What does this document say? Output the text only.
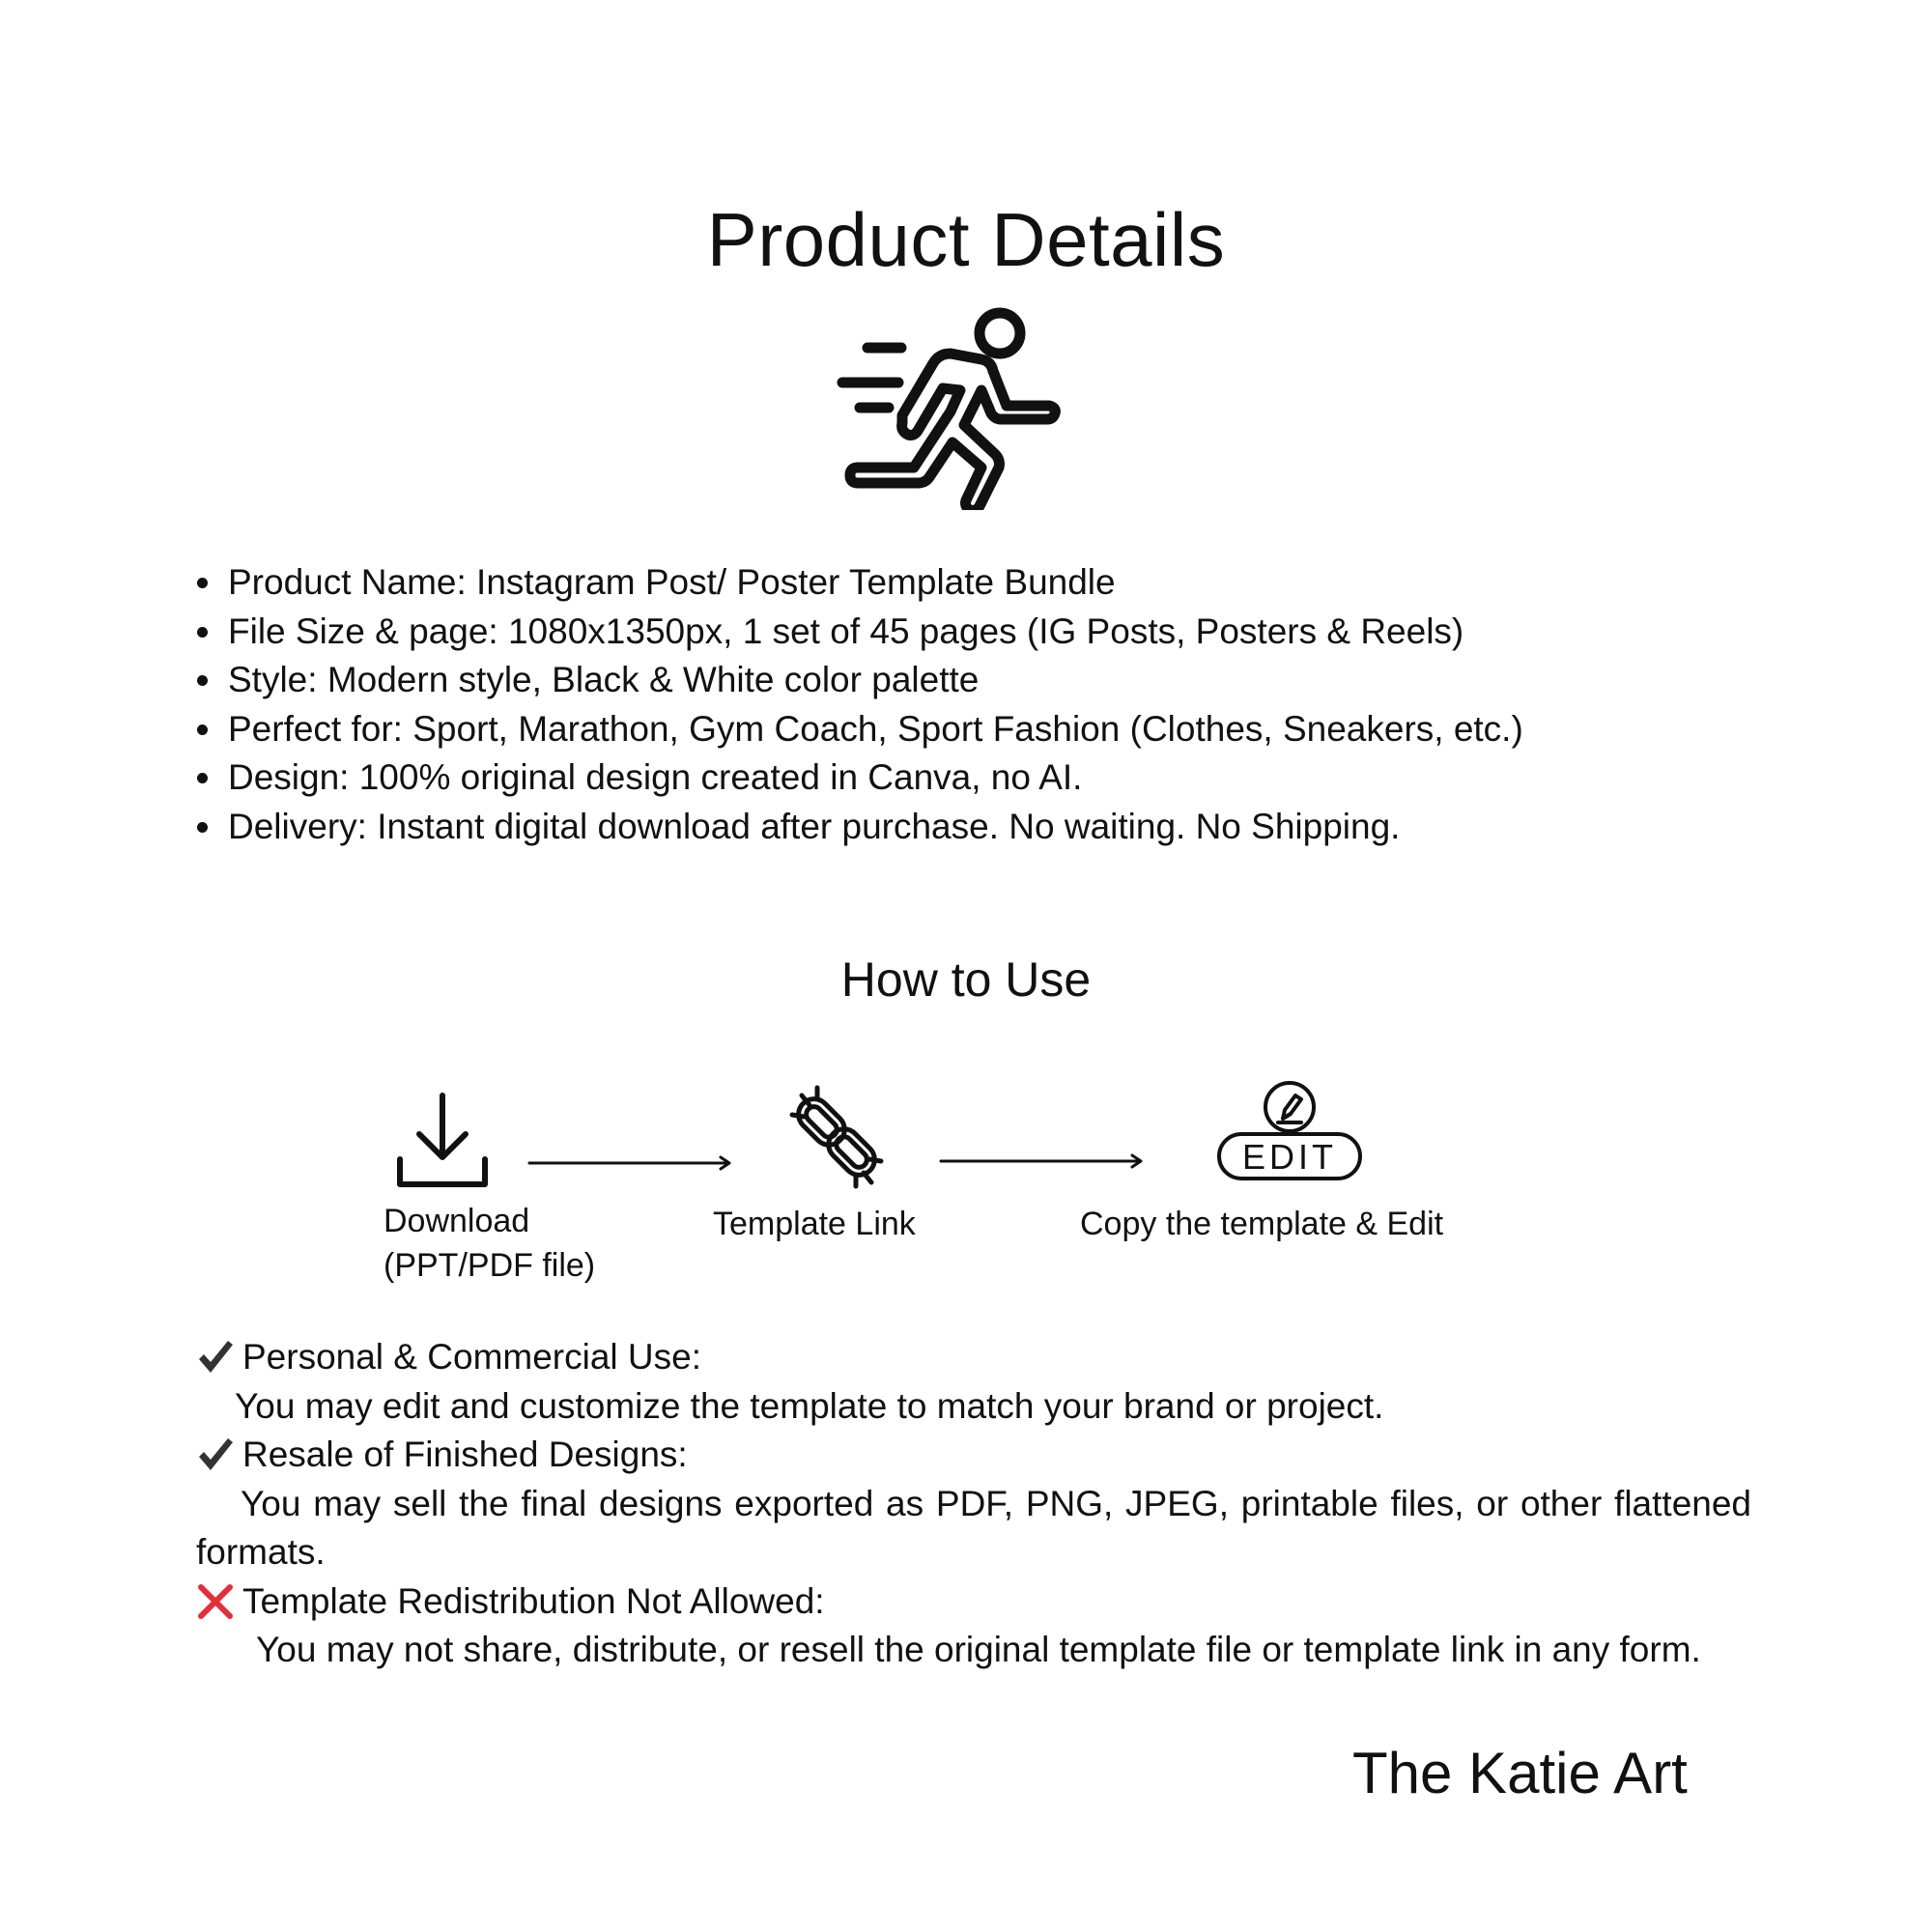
Product Details
Product Name: Instagram Post/ Poster Template Bundle
File Size & page: 1080x1350px, 1 set of 45 pages (IG Posts, Posters & Reels)
Style: Modern style, Black & White color palette
Perfect for: Sport, Marathon, Gym Coach, Sport Fashion (Clothes, Sneakers, etc.)
Design: 100% original design created in Canva, no AI.
Delivery: Instant digital download after purchase. No waiting. No Shipping.
How to Use
Download
(PPT/PDF file)
Template Link
EDIT
Copy the template & Edit
Personal & Commercial Use:
You may edit and customize the template to match your brand or project.
Resale of Finished Designs:
You may sell the final designs exported as PDF, PNG, JPEG, printable files, or other flattened formats.
Template Redistribution Not Allowed:
You may not share, distribute, or resell the original template file or template link in any form.
The Katie Art
